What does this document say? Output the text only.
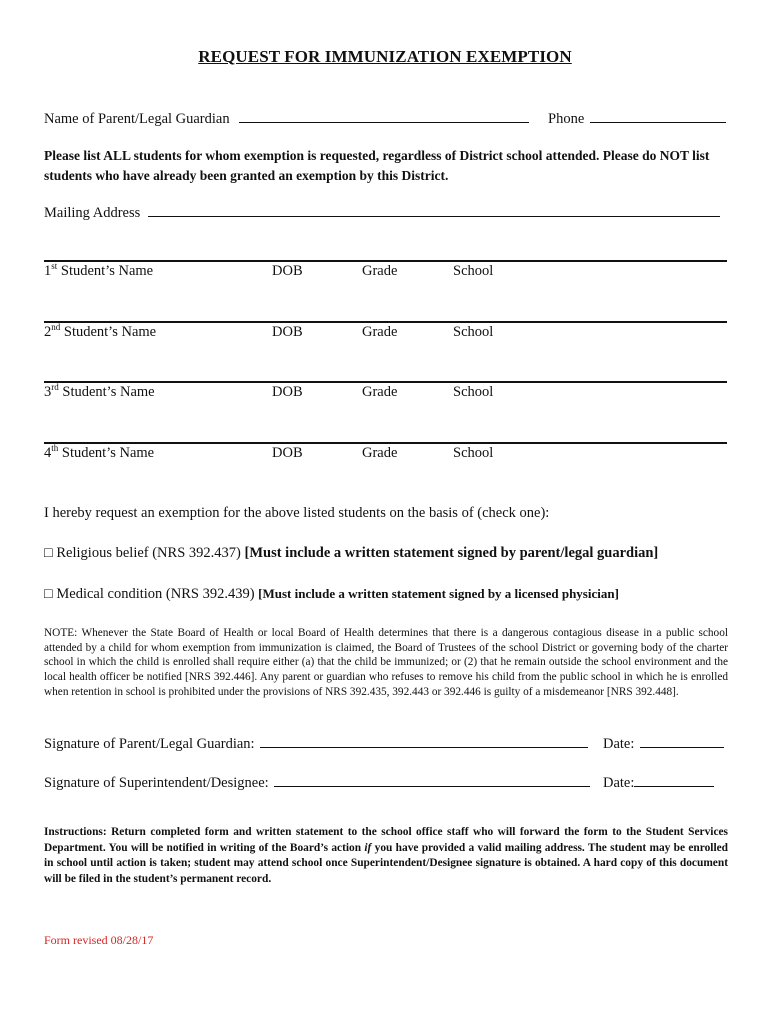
REQUEST FOR IMMUNIZATION EXEMPTION
Name of Parent/Legal Guardian	Phone
Please list ALL students for whom exemption is requested, regardless of District school attended. Please do NOT list students who have already been granted an exemption by this District.
Mailing Address
1st Student’s Name	DOB	Grade	School
2nd Student’s Name	DOB	Grade	School
3rd Student’s Name	DOB	Grade	School
4th Student’s Name	DOB	Grade	School
I hereby request an exemption for the above listed students on the basis of (check one):
□ Religious belief (NRS 392.437) [Must include a written statement signed by parent/legal guardian]
□ Medical condition (NRS 392.439) [Must include a written statement signed by a licensed physician]
NOTE: Whenever the State Board of Health or local Board of Health determines that there is a dangerous contagious disease in a public school attended by a child for whom exemption from immunization is claimed, the Board of Trustees of the school District or governing body of the charter school in which the child is enrolled shall require either (a) that the child be immunized; or (2) that he remain outside the school environment and the local health officer be notified [NRS 392.446]. Any parent or guardian who refuses to remove his child from the public school in which he is enrolled when retention in school is prohibited under the provisions of NRS 392.435, 392.443 or 392.446 is guilty of a misdemeanor [NRS 392.448].
Signature of Parent/Legal Guardian:	Date:
Signature of Superintendent/Designee:	Date:
Instructions: Return completed form and written statement to the school office staff who will forward the form to the Student Services Department. You will be notified in writing of the Board’s action if you have provided a valid mailing address. The student may be enrolled in school until action is taken; student may attend school once Superintendent/Designee signature is obtained. A hard copy of this document will be filed in the student’s permanent record.
Form revised 08/28/17
